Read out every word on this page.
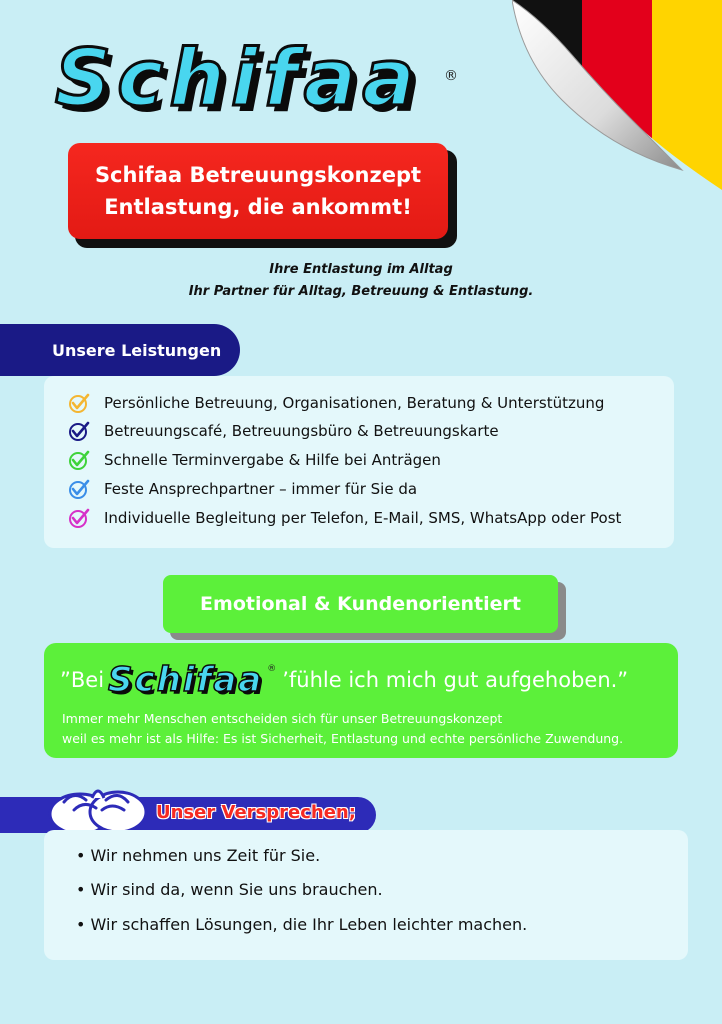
Schifaa ®
Schifaa Betreuungskonzept
Entlastung, die ankommt!
Ihre Entlastung im Alltag
Ihr Partner für Alltag, Betreuung & Entlastung.
Unsere Leistungen
Persönliche Betreuung, Organisationen, Beratung & Unterstützung
Betreuungscafé, Betreuungsbüro & Betreuungskarte
Schnelle Terminvergabe & Hilfe bei Anträgen
Feste Ansprechpartner – immer für Sie da
Individuelle Begleitung per Telefon, E-Mail, SMS, WhatsApp oder Post
Emotional & Kundenorientiert
”Bei Schifaa ® ’fühle ich mich gut aufgehoben.”
Immer mehr Menschen entscheiden sich für unser Betreuungskonzept
weil es mehr ist als Hilfe: Es ist Sicherheit, Entlastung und echte persönliche Zuwendung.
Unser Versprechen;
• Wir nehmen uns Zeit für Sie.
• Wir sind da, wenn Sie uns brauchen.
• Wir schaffen Lösungen, die Ihr Leben leichter machen.
